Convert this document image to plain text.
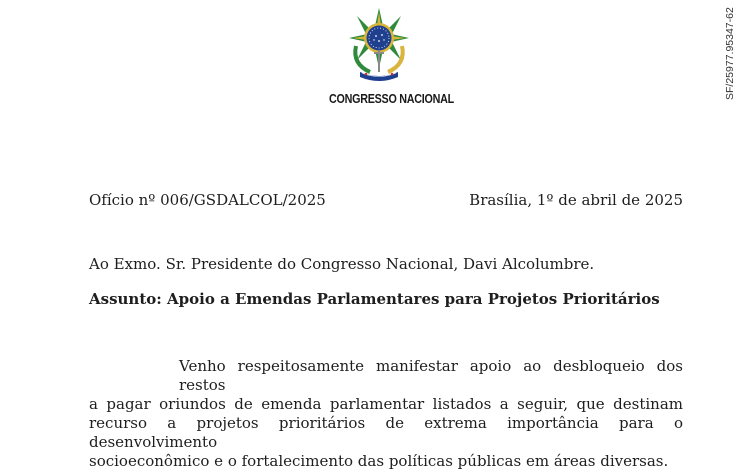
CONGRESSO NACIONAL	SF/25977.95347-62
Ofício nº 006/GSDALCOL/2025	Brasília, 1º de abril de 2025
Ao Exmo. Sr. Presidente do Congresso Nacional, Davi Alcolumbre.
Assunto: Apoio a Emendas Parlamentares para Projetos Prioritários
Venho respeitosamente manifestar apoio ao desbloqueio dos restos
a pagar oriundos de emenda parlamentar listados a seguir, que destinam
recurso a projetos prioritários de extrema importância para o desenvolvimento
socioeconômico e o fortalecimento das políticas públicas em áreas diversas.
